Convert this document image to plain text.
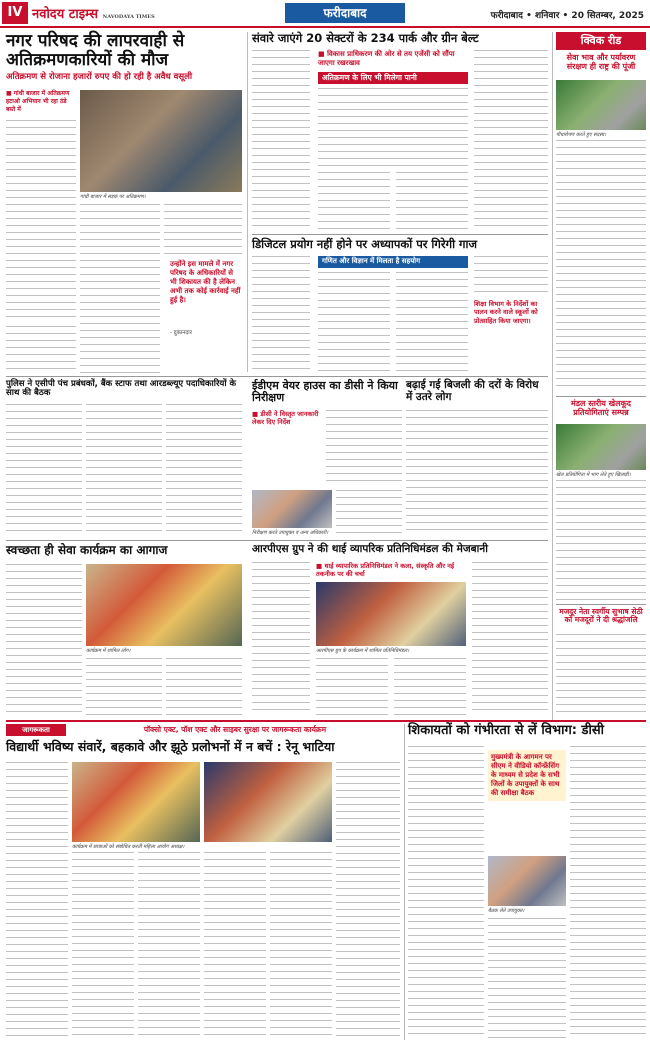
IV नवोदय टाइम्स NAVODAYA TIMES	फरीदाबाद	फरीदाबाद • शनिवार • 20 सितम्बर, 2025
नगर परिषद की लापरवाही से अतिक्रमणकारियों की मौज
अतिक्रमण से रोजाना हजारों रुपए की हो रही है अवैध वसूली
■ गांधी बाजार में अतिक्रमण हटाओ अभियान भी रहा ठंडे बस्ते में
गांधी बाजार में सड़क पर अतिक्रमण।
उन्होंने इस मामले में नगर परिषद के अधिकारियों से भी शिकायत की है लेकिन अभी तक कोई कार्रवाई नहीं हुई है।
- दुकानदार
संवारे जाएंगे 20 सेक्टरों के 234 पार्क और ग्रीन बेल्ट
■ विकास प्राधिकरण की ओर से तय एजेंसी को सौंपा जाएगा रखरखाव
अतिक्रमण के लिए भी मिलेगा पानी
डिजिटल प्रयोग नहीं होने पर अध्यापकों पर गिरेगी गाज
गणित और विज्ञान में मिलता है सहयोग
शिक्षा विभाग के निर्देशों का पालन करने वाले स्कूलों को प्रोत्साहित किया जाएगा।
पुलिस ने एसीपी पंच प्रबंधकों, बैंक स्टाफ तथा आरडब्ल्यूए पदाधिकारियों के साथ की बैठक
ईडीएम वेयर हाउस का डीसी ने किया निरीक्षण
■ डीसी ने विस्तृत जानकारी लेकर दिए निर्देश
निरीक्षण करते उपायुक्त व अन्य अधिकारी।
बढ़ाई गई बिजली की दरों के विरोध में उतरे लोग
स्वच्छता ही सेवा कार्यक्रम का आगाज
कार्यक्रम में शामिल लोग।
आरपीएस ग्रुप ने की थाई व्यापरिक प्रतिनिधिमंडल की मेजबानी
■ थाई व्यापारिक प्रतिनिधिमंडल ने कला, संस्कृति और नई तकनीक पर की चर्चा
आरपीएस ग्रुप के कार्यक्रम में शामिल प्रतिनिधिमंडल।
क्विक रीड
सेवा भाव और पर्यावरण संरक्षण ही राष्ट्र की पूंजी
पौधारोपण करते हुए सदस्य।
मंडल स्तरीय खेलकूद प्रतियोगिताएं सम्पन्न
खेल प्रतियोगिता में भाग लेते हुए खिलाड़ी।
मजदूर नेता स्वर्गीय सुभाष सेठी को मजदूरों ने दी श्रद्धांजलि
जागरूकता	पॉक्सो एक्ट, पॉश एक्ट और साइबर सुरक्षा पर जागरूकता कार्यक्रम
विद्यार्थी भविष्य संवारें, बहकावे और झूठे प्रलोभनों में न बचें : रेनू भाटिया
कार्यक्रम में छात्राओं को संबोधित करती महिला आयोग अध्यक्ष।
शिकायतों को गंभीरता से लें विभाग: डीसी
मुख्यमंत्री के आगमन पर सीएम ने वीडियो कॉन्फ्रेंसिंग के माध्यम से प्रदेश के सभी जिलों के उपायुक्तों के साथ की समीक्षा बैठक
बैठक लेते उपायुक्त।
